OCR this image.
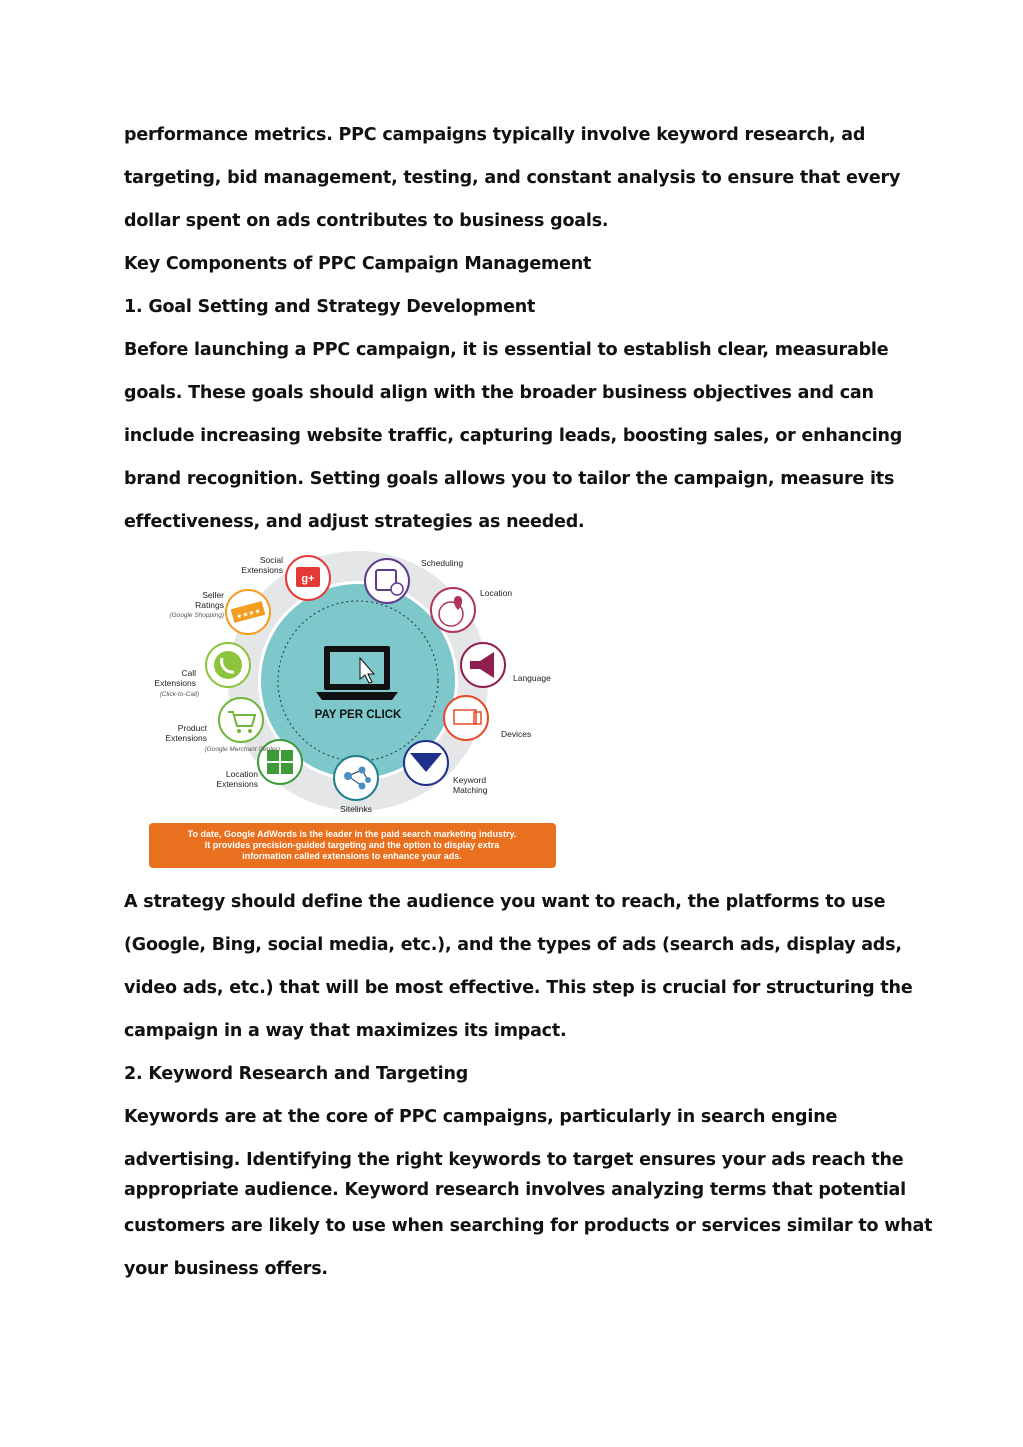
performance metrics. PPC campaigns typically involve keyword research, ad
targeting, bid management, testing, and constant analysis to ensure that every
dollar spent on ads contributes to business goals.
Key Components of PPC Campaign Management
1. Goal Setting and Strategy Development
Before launching a PPC campaign, it is essential to establish clear, measurable
goals. These goals should align with the broader business objectives and can
include increasing website traffic, capturing leads, boosting sales, or enhancing
brand recognition. Setting goals allows you to tailor the campaign, measure its
effectiveness, and adjust strategies as needed.
PAY PER CLICK
g+
Social
Extensions
Scheduling
Location
Language
Devices
Keyword
Matching
Sitelinks
Location
Extensions
Product
Extensions
(Google Merchant Center)
Call
Extensions
(Click-to-Call)
★★★★
Seller
Ratings
(Google Shopping)
To date, Google AdWords is the leader in the paid search marketing industry.
It provides precision-guided targeting and the option to display extra
information called extensions to enhance your ads.
A strategy should define the audience you want to reach, the platforms to use
(Google, Bing, social media, etc.), and the types of ads (search ads, display ads,
video ads, etc.) that will be most effective. This step is crucial for structuring the
campaign in a way that maximizes its impact.
2. Keyword Research and Targeting
Keywords are at the core of PPC campaigns, particularly in search engine
advertising. Identifying the right keywords to target ensures your ads reach the
appropriate audience. Keyword research involves analyzing terms that potential
customers are likely to use when searching for products or services similar to what
your business offers.
